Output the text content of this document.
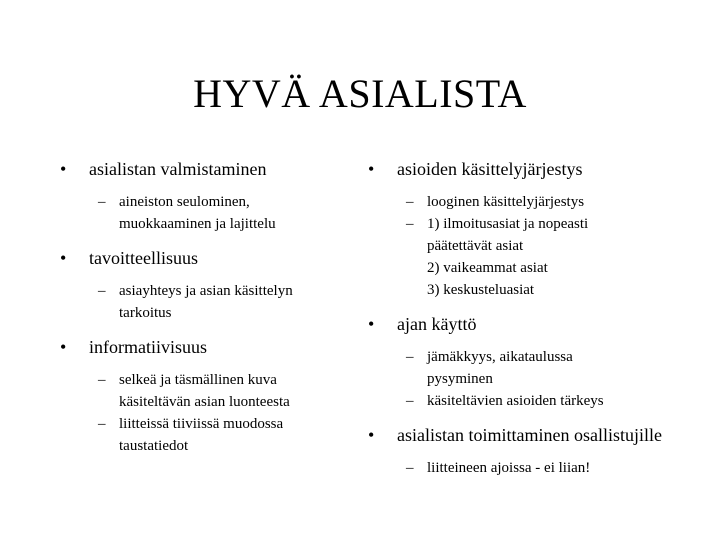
HYVÄ ASIALISTA
• asialistan valmistaminen
– aineiston seulominen,
muokkaaminen ja lajittelu
• tavoitteellisuus
– asiayhteys ja asian käsittelyn
tarkoitus
• informatiivisuus
– selkeä ja täsmällinen kuva
käsiteltävän asian luonteesta
– liitteissä tiiviissä muodossa
taustatiedot
• asioiden käsittelyjärjestys
– looginen käsittelyjärjestys
– 1) ilmoitusasiat ja nopeasti
päätettävät asiat
2) vaikeammat asiat
3) keskusteluasiat
• ajan käyttö
– jämäkkyys, aikataulussa
pysyminen
– käsiteltävien asioiden tärkeys
• asialistan toimittaminen osallistujille
– liitteineen ajoissa - ei liian!
